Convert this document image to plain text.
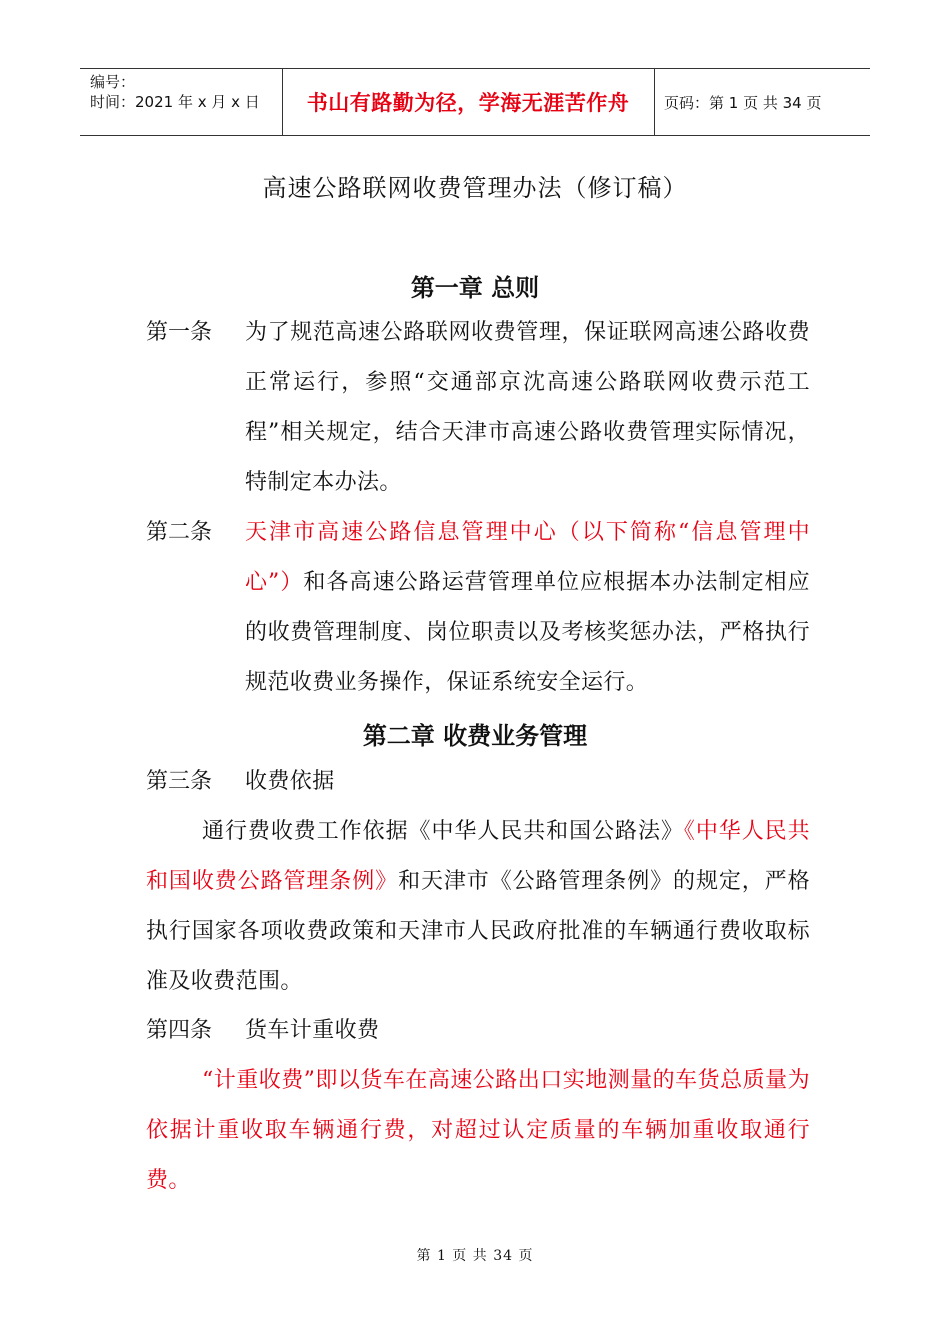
编号：
时间：2021 年 x 月 x 日	书山有路勤为径，学海无涯苦作舟	页码：第 1 页 共 34 页
高速公路联网收费管理办法（修订稿）
第一章 总则
第一条 为了规范高速公路联网收费管理，保证联网高速公路收费正常运行，参照“交通部京沈高速公路联网收费示范工程”相关规定，结合天津市高速公路收费管理实际情况，特制定本办法。
第二条 天津市高速公路信息管理中心（以下简称“信息管理中心”）和各高速公路运营管理单位应根据本办法制定相应的收费管理制度、岗位职责以及考核奖惩办法，严格执行规范收费业务操作，保证系统安全运行。
第二章 收费业务管理
第三条 收费依据
通行费收费工作依据《中华人民共和国公路法》《中华人民共和国收费公路管理条例》和天津市《公路管理条例》的规定，严格执行国家各项收费政策和天津市人民政府批准的车辆通行费收取标准及收费范围。
第四条 货车计重收费
“计重收费”即以货车在高速公路出口实地测量的车货总质量为依据计重收取车辆通行费，对超过认定质量的车辆加重收取通行费。
第 1 页 共 34 页
